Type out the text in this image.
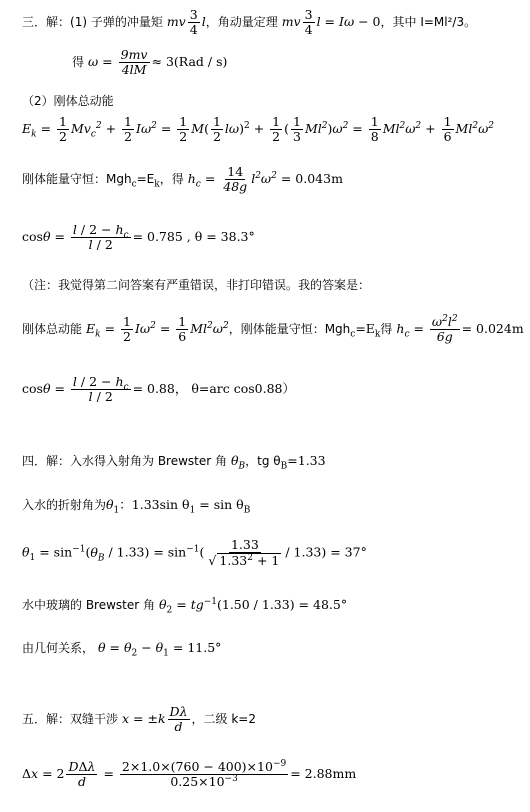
三．解：(1) 子弹的冲量矩 mv $\frac{3}{4}$ l，角动量定理 mv $\frac{3}{4}$ l = Iω − 0，其中 I=Ml²/3。
得 $\omega = \frac{9mv}{4lM} \approx 3(Rad / s)$
（2）刚体总动能
$E_k = \frac{1}{2} Mv_c^2 + \frac{1}{2} I\omega^2 = \frac{1}{2} M( \frac{1}{2} l\omega)^2 + \frac{1}{2}$ ( $\frac{1}{3} Ml^2)\omega^2 = \frac{1}{8} Ml^2\omega^2 + \frac{1}{6} Ml^2\omega^2$
刚体能量守恒：$Mgh_c=E_k$，得 $h_c = \frac{14}{48g} l^2\omega^2 = 0.043m$
$\cos\theta = \frac{l / 2 - h_c}{l / 2} = 0.785$ , θ = 38.3°
（注：我觉得第二问答案有严重错误，非打印错误。我的答案是：
刚体总动能 $E_k = \frac{1}{2} I\omega^2 = \frac{1}{6} Ml^2\omega^2$，刚体能量守恒：$Mgh_c=E_k$得 $h_c = \frac{\omega^2l^2}{6g} = 0.024m$
$\cos\theta = \frac{l / 2 - h_c}{l / 2} = 0.88$， θ=arc cos0.88）
四．解：入水得入射角为 Brewster 角 $\theta_B$，tg $\theta_B=1.33$
入水的折射角为$\theta_1$：1.33sin $\theta_1 = \sin \theta_B$
$\theta_1 = \sin^{-1}(\theta_B / 1.33) = \sin^{-1}( \frac{1.33}{√ 1.33^2 + 1} / 1.33) = 37^\circ$
水中玻璃的 Brewster 角 $\theta_2 = tg^{-1}(1.50 / 1.33) = 48.5^\circ$
由几何关系， $\theta = \theta_2 - \theta_1 = 11.5^\circ$
五．解：双缝干涉 $x = \pm k \frac{D\lambda}{d}$ ，二级 k=2
$\Delta x = 2 \frac{\text{DΔλ}}{d} = \frac{2\times 1.0\times(760 - 400)\times 10^{-9}}{0.25\times 10^{-3}} = 2.88mm$
